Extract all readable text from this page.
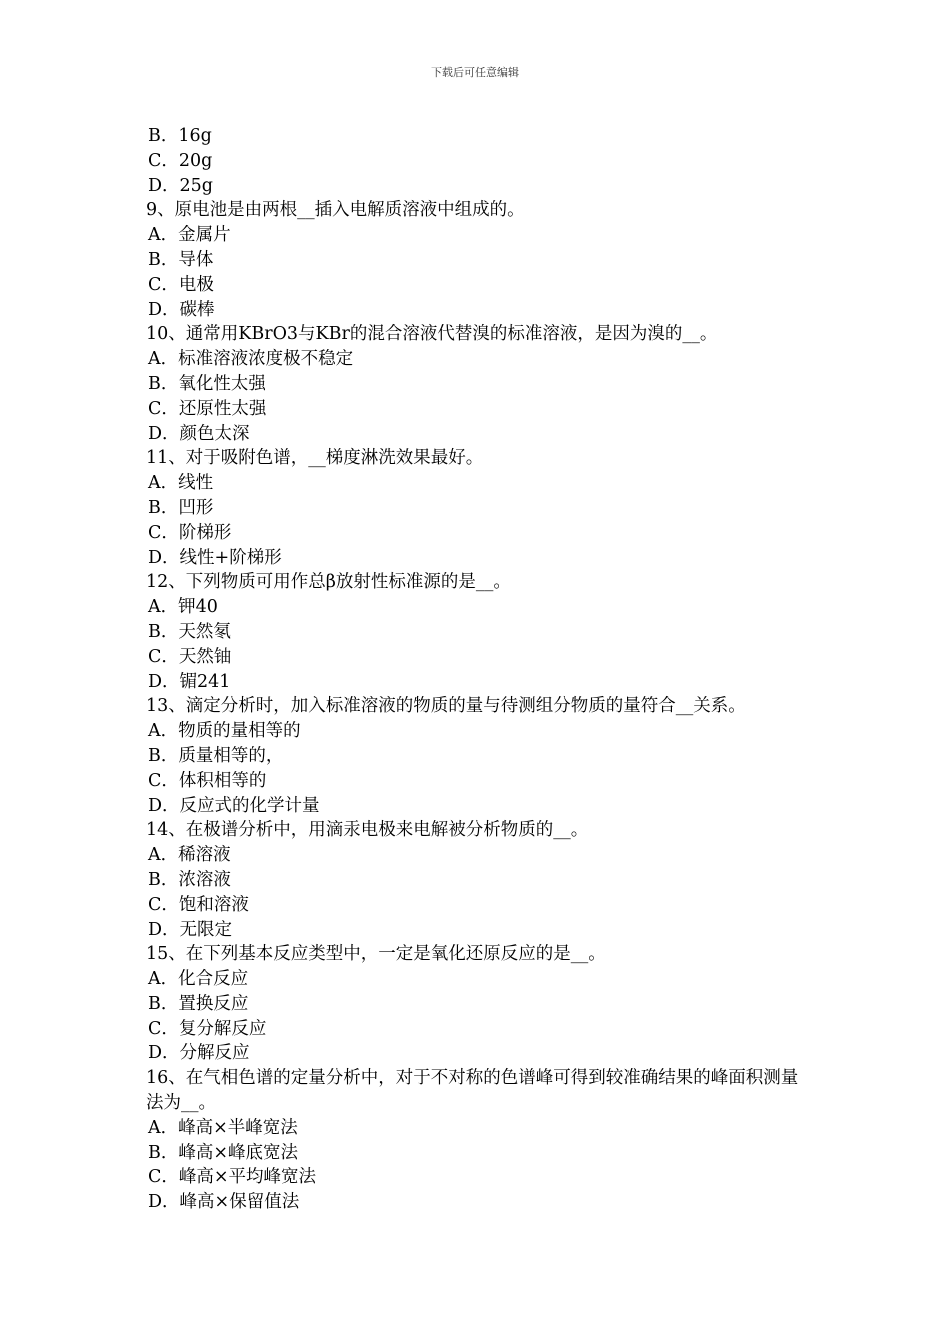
下载后可任意编辑
B．16g
C．20g
D．25g
9、原电池是由两根__插入电解质溶液中组成的。
A．金属片
B．导体
C．电极
D．碳棒
10、通常用KBrO3与KBr的混合溶液代替溴的标准溶液，是因为溴的__。
A．标准溶液浓度极不稳定
B．氧化性太强
C．还原性太强
D．颜色太深
11、对于吸附色谱，__梯度淋洗效果最好。
A．线性
B．凹形
C．阶梯形
D．线性+阶梯形
12、下列物质可用作总β放射性标准源的是__。
A．钾40
B．天然氡
C．天然铀
D．镅241
13、滴定分析时，加入标准溶液的物质的量与待测组分物质的量符合__关系。
A．物质的量相等的
B．质量相等的，
C．体积相等的
D．反应式的化学计量
14、在极谱分析中，用滴汞电极来电解被分析物质的__。
A．稀溶液
B．浓溶液
C．饱和溶液
D．无限定
15、在下列基本反应类型中，一定是氧化还原反应的是__。
A．化合反应
B．置换反应
C．复分解反应
D．分解反应
16、在气相色谱的定量分析中，对于不对称的色谱峰可得到较准确结果的峰面积测量法为__。
A．峰高×半峰宽法
B．峰高×峰底宽法
C．峰高×平均峰宽法
D．峰高×保留值法
